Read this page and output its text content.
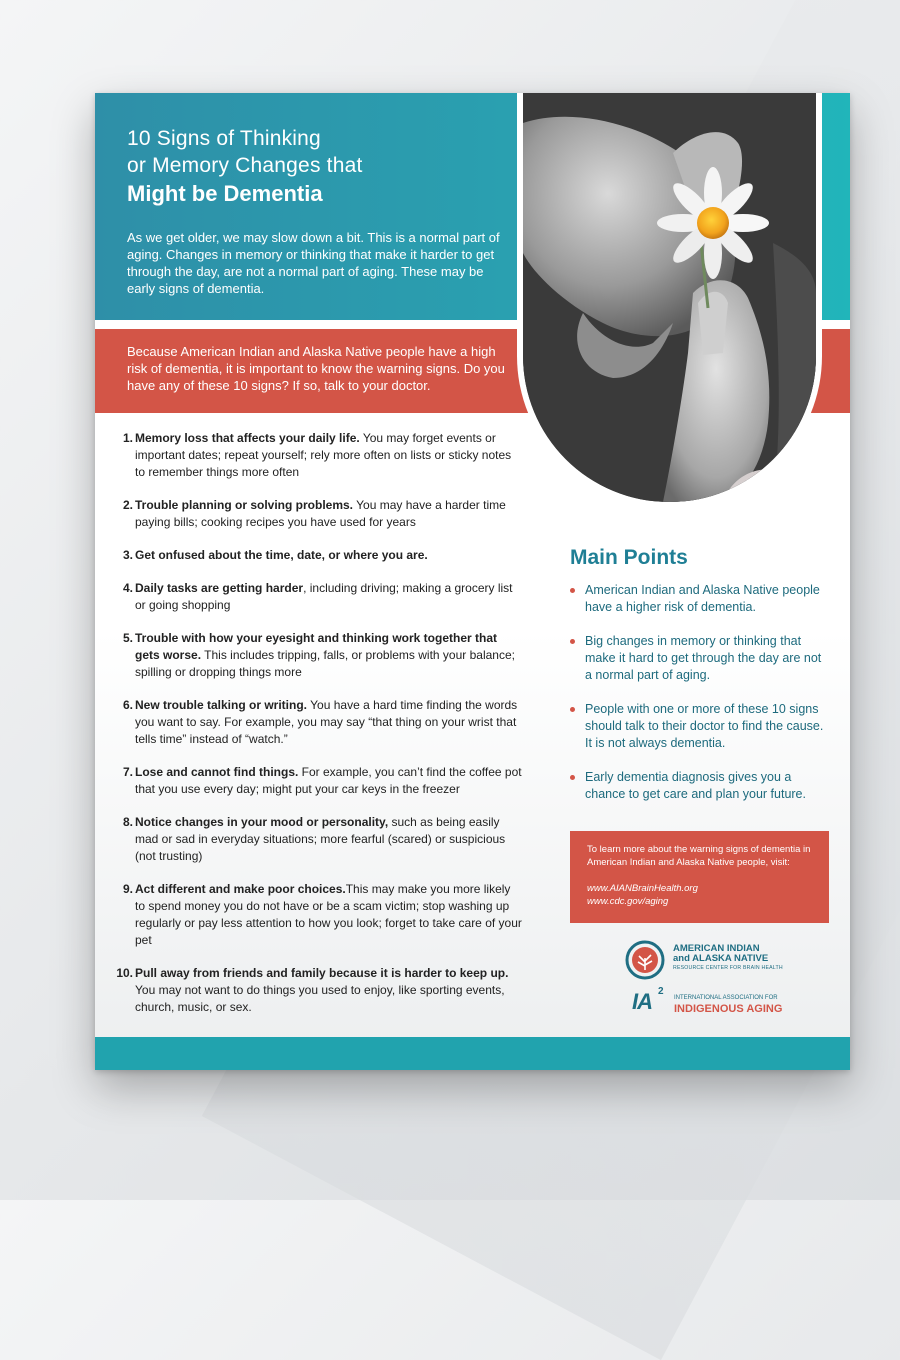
10 Signs of Thinking
or Memory Changes that
Might be Dementia
As we get older, we may slow down a bit. This is a normal part of aging. Changes in memory or thinking that make it harder to get through the day, are not a normal part of aging. These may be early signs of dementia.
Because American Indian and Alaska Native people have a high risk of dementia, it is important to know the warning signs. Do you have any of these 10 signs? If so, talk to your doctor.
1. Memory loss that affects your daily life. You may forget events or important dates; repeat yourself; rely more often on lists or sticky notes to remember things more often
2. Trouble planning or solving problems. You may have a harder time paying bills; cooking recipes you have used for years
3. Get onfused about the time, date, or where you are.
4. Daily tasks are getting harder, including driving; making a grocery list or going shopping
5. Trouble with how your eyesight and thinking work together that gets worse. This includes tripping, falls, or problems with your balance; spilling or dropping things more
6. New trouble talking or writing. You have a hard time finding the words you want to say. For example, you may say “that thing on your wrist that tells time” instead of “watch.”
7. Lose and cannot find things. For example, you can’t find the coffee pot that you use every day; might put your car keys in the freezer
8. Notice changes in your mood or personality, such as being easily mad or sad in everyday situations; more fearful (scared) or suspicious (not trusting)
9. Act different and make poor choices.This may make you more likely to spend money you do not have or be a scam victim; stop washing up regularly or pay less attention to how you look; forget to take care of your pet
10. Pull away from friends and family because it is harder to keep up. You may not want to do things you used to enjoy, like sporting events, church, music, or sex.
Main Points
American Indian and Alaska Native people have a higher risk of dementia.
Big changes in memory or thinking that make it hard to get through the day are not a normal part of aging.
People with one or more of these 10 signs should talk to their doctor to find the cause. It is not always dementia.
Early dementia diagnosis gives you a chance to get care and plan your future.
To learn more about the warning signs of dementia in American Indian and Alaska Native people, visit:
www.AIANBrainHealth.org
www.cdc.gov/aging
AMERICAN INDIAN
and ALASKA NATIVE
RESOURCE CENTER FOR BRAIN HEALTH
IA 2
INTERNATIONAL ASSOCIATION FOR
INDIGENOUS AGING
